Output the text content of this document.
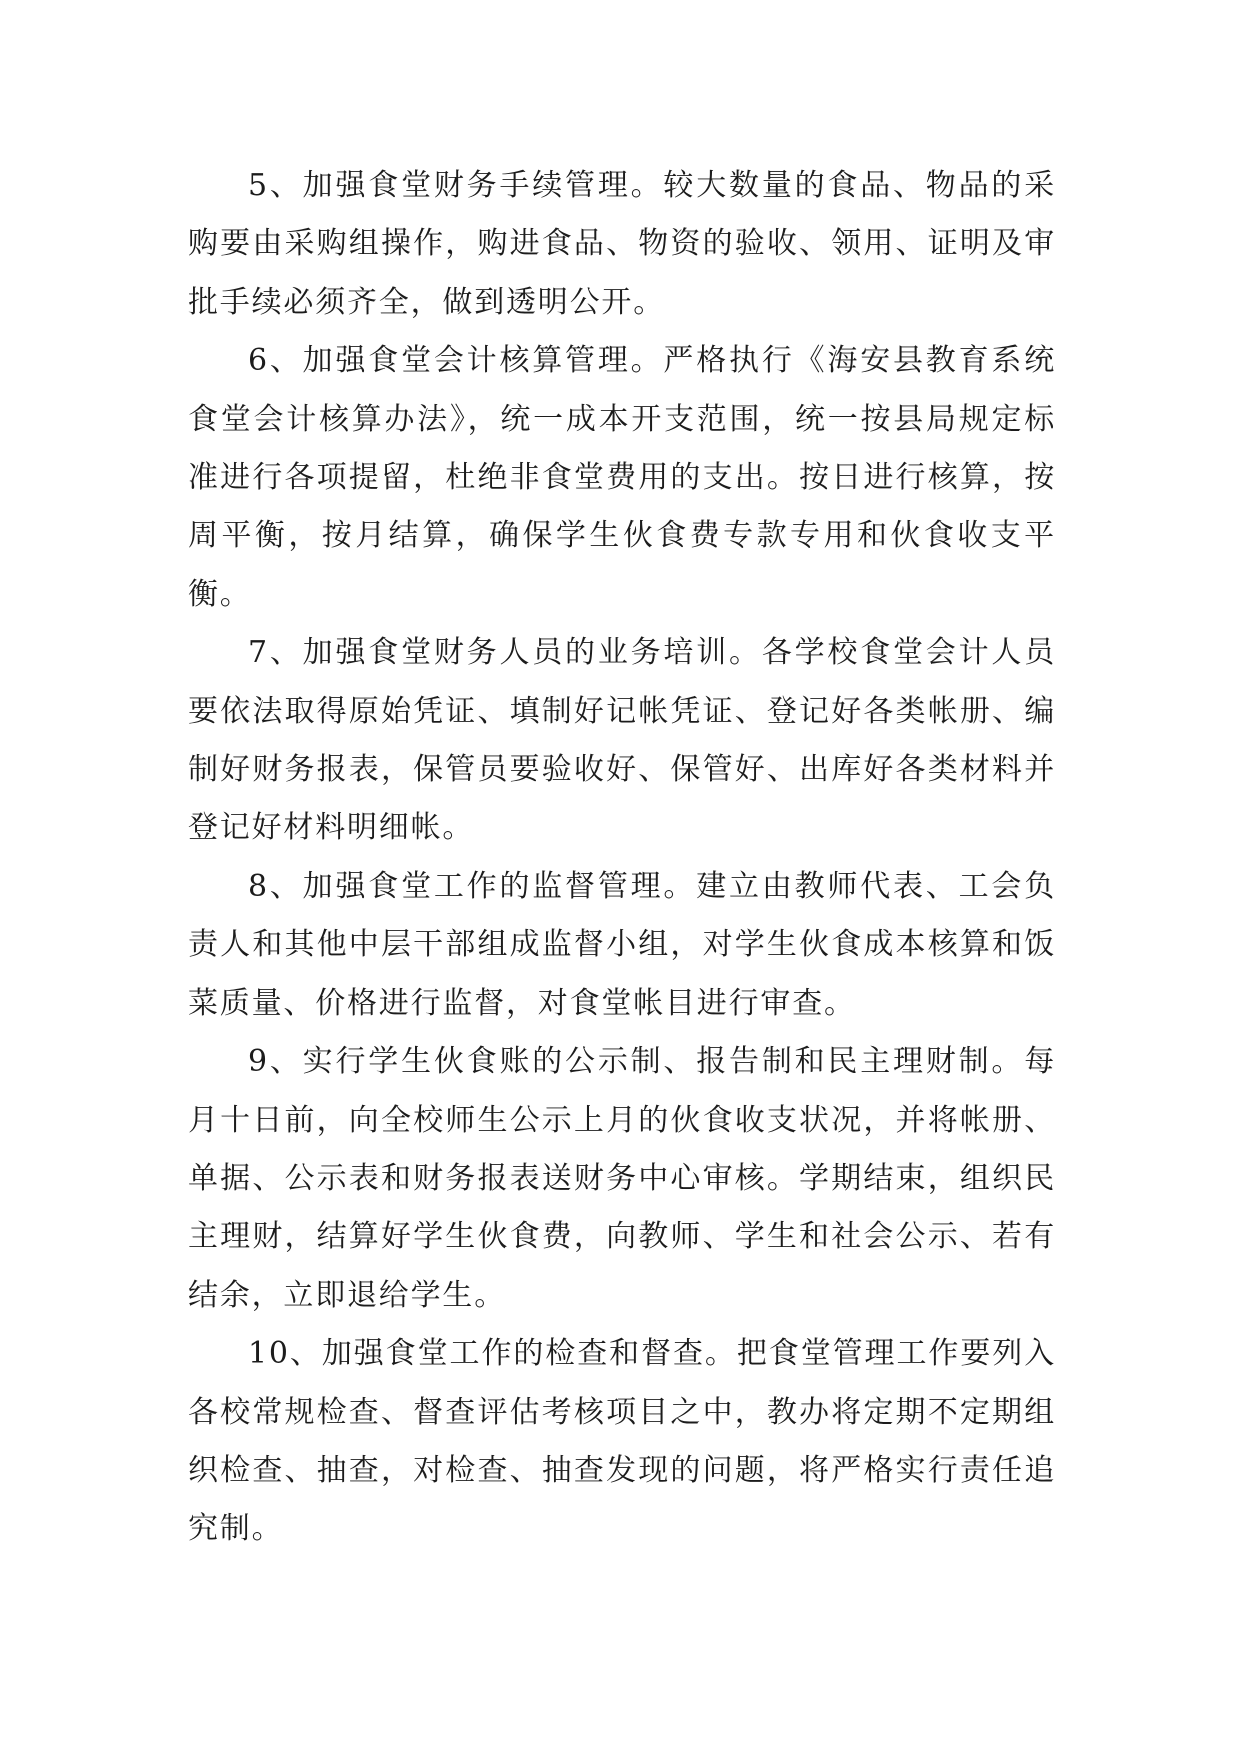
5、加强食堂财务手续管理。较大数量的食品、物品的采购要由采购组操作，购进食品、物资的验收、领用、证明及审批手续必须齐全，做到透明公开。

6、加强食堂会计核算管理。严格执行《海安县教育系统食堂会计核算办法》，统一成本开支范围，统一按县局规定标准进行各项提留，杜绝非食堂费用的支出。按日进行核算，按周平衡，按月结算，确保学生伙食费专款专用和伙食收支平衡。

7、加强食堂财务人员的业务培训。各学校食堂会计人员要依法取得原始凭证、填制好记帐凭证、登记好各类帐册、编制好财务报表，保管员要验收好、保管好、出库好各类材料并登记好材料明细帐。

8、加强食堂工作的监督管理。建立由教师代表、工会负责人和其他中层干部组成监督小组，对学生伙食成本核算和饭菜质量、价格进行监督，对食堂帐目进行审查。

9、实行学生伙食账的公示制、报告制和民主理财制。每月十日前，向全校师生公示上月的伙食收支状况，并将帐册、单据、公示表和财务报表送财务中心审核。学期结束，组织民主理财，结算好学生伙食费，向教师、学生和社会公示、若有结余，立即退给学生。

10、加强食堂工作的检查和督查。把食堂管理工作要列入各校常规检查、督查评估考核项目之中，教办将定期不定期组织检查、抽查，对检查、抽查发现的问题，将严格实行责任追究制。
